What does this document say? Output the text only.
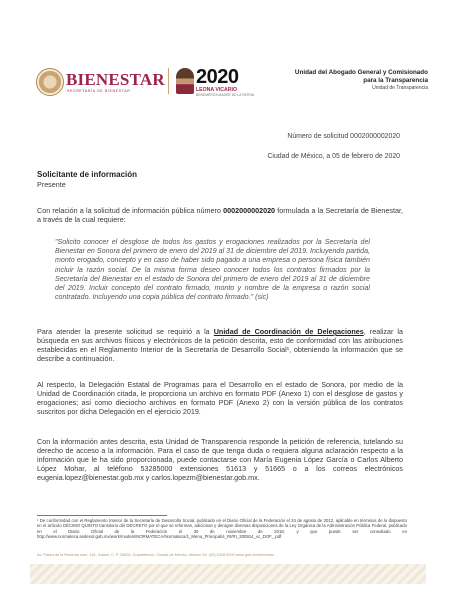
BIENESTAR
SECRETARÍA DE BIENESTAR
2020
LEONA VICARIO
BENEMÉRITA MADRE DE LA PATRIA
Unidad del Abogado General y Comisionado
para la Transparencia
Unidad de Transparencia
Número de solicitud 0002000002020
Ciudad de México, a 05 de febrero de 2020
Solicitante de información
Presente
Con relación a la solicitud de información pública número 0002000002020 formulada a la Secretaría de Bienestar, a través de la cual requiere:
"Solicito conocer el desglose de todos los gastos y erogaciones realizados por la Secretaría del Bienestar en Sonora del primero de enero del 2019 al 31 de diciembre del 2019. Incluyendo partida, monto erogado, concepto y en caso de haber sido pagado a una empresa o persona física también incluir la razón social. De la misma forma deseo conocer todos los contratos firmados por la Secretaría del Bienestar en el estado de Sonora del primero de enero del 2019 al 31 de diciembre del 2019. Incluir concepto del contrato firmado, monto y nombre de la empresa o razón social contratado. Incluyendo una copia pública del contrato firmado." (sic)
Para atender la presente solicitud se requirió a la Unidad de Coordinación de Delegaciones, realizar la búsqueda en sus archivos físicos y electrónicos de la petición descrita, esto de conformidad con las atribuciones establecidas en el Reglamento Interior de la Secretaría de Desarrollo Social¹, obteniendo la información que se describe a continuación.
Al respecto, la Delegación Estatal de Programas para el Desarrollo en el estado de Sonora, por medio de la Unidad de Coordinación citada, le proporciona un archivo en formato PDF (Anexo 1) con el desglose de gastos y erogaciones; así como dieciocho archivos en formato PDF (Anexo 2) con la versión pública de los contratos suscritos por dicha Delegación en el ejercicio 2019.
Con la información antes descrita, esta Unidad de Transparencia responde la petición de referencia, tutelando su derecho de acceso a la información. Para el caso de que tenga duda o requiera alguna aclaración respecto a la información que le ha sido proporcionada, puede contactarse con María Eugenia López García o Carlos Alberto López Mohar, al teléfono 53285000 extensiones 51613 y 51665 o a los correos electrónicos eugenia.lopez@bienestar.gob.mx y carlos.lopezm@bienestar.gob.mx.
¹ De conformidad con el Reglamento Interior de la Secretaría de Desarrollo Social, publicado en el Diario Oficial de la Federación el 24 de agosto de 2012, aplicable en términos de lo dispuesto en el artículo DÉCIMO QUINTO transitorio del DECRETO por el que se reforman, adicionan y derogan diversas disposiciones de la Ley Orgánica de la Administración Pública Federal, publicado en el Diario Oficial de la Federación el 30 de noviembre de 2018, y que puede ser consultado en http://www.normateca.sedesol.gob.mx/work/models/NORMATECA/Normateca/1_Menu_Principal/4_RI/RI_200914_vc_DOF_.pdf
Av. Paseo de la Reforma núm. 116, Juárez, C. P. 06600, Cuauhtémoc, Ciudad de México, México Tel. (55) 5328 5000 www.gob.mx/bienestar
